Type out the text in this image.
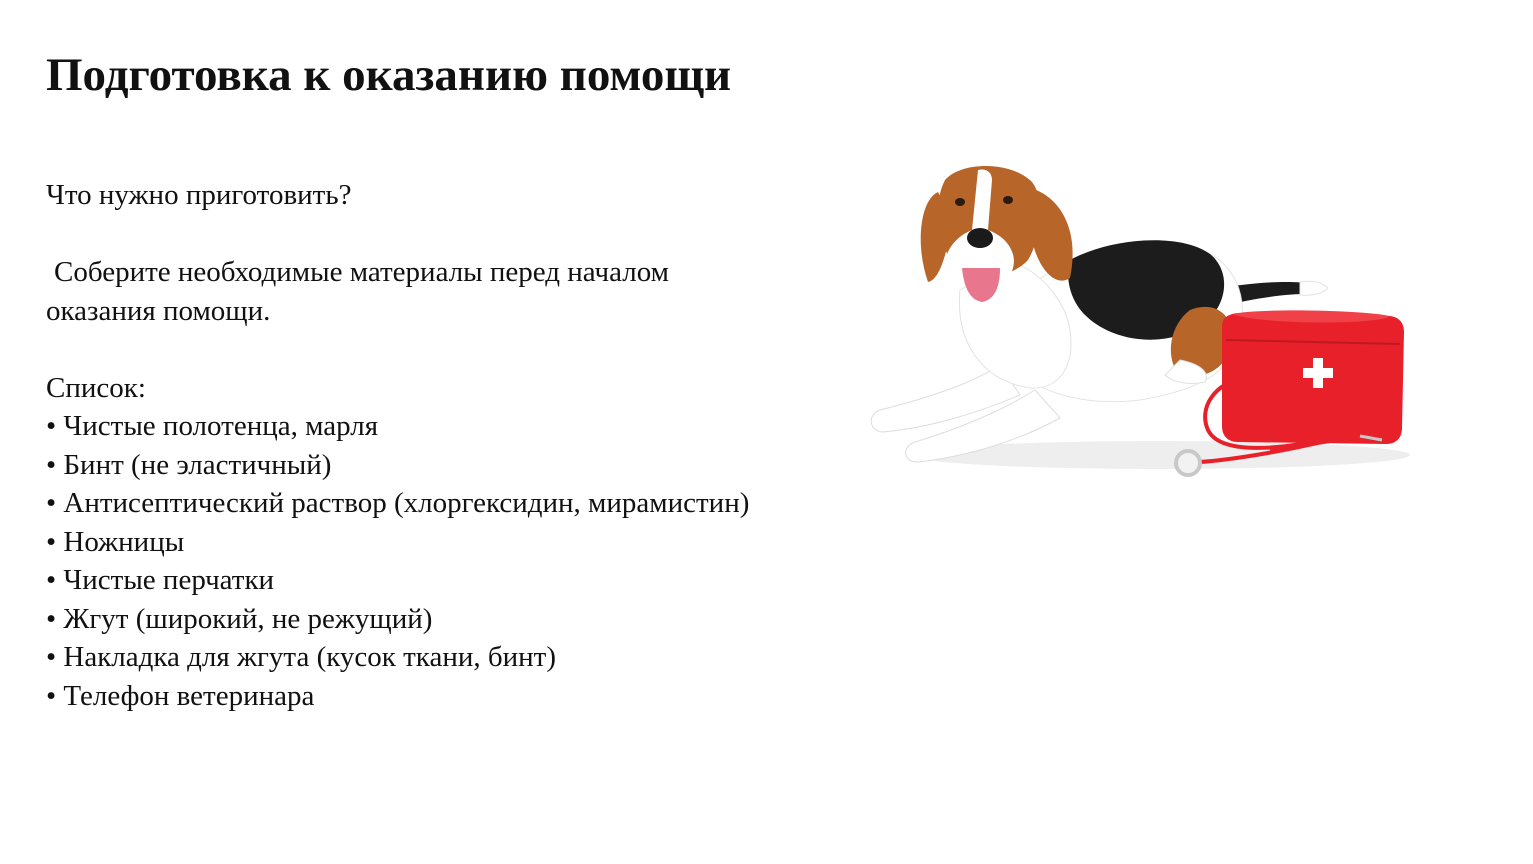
Подготовка к оказанию помощи

Что нужно приготовить?

Соберите необходимые материалы перед началом оказания помощи.

Список:

• Чистые полотенца, марля
• Бинт (не эластичный)
• Антисептический раствор (хлоргексидин, мирамистин)
• Ножницы
• Чистые перчатки
• Жгут (широкий, не режущий)
• Накладка для жгута (кусок ткани, бинт)
• Телефон ветеринара
